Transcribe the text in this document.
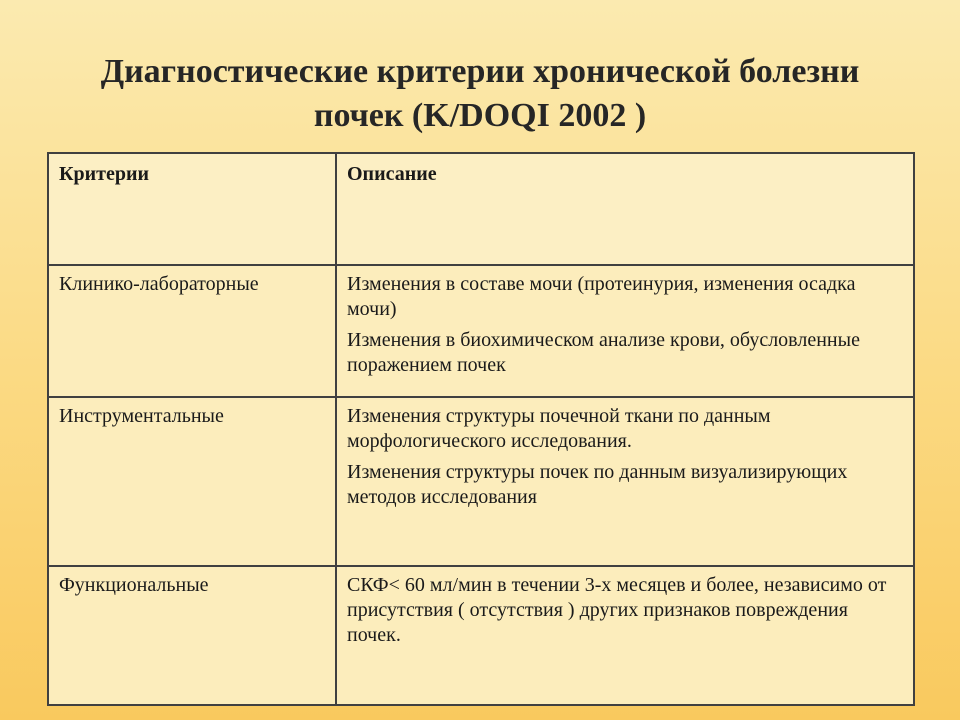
Диагностические критерии хронической болезни
почек (K/DOQI 2002 )
Критерии	Описание
Клинико-лабораторные	Изменения в составе мочи (протеинурия, изменения осадка мочи)
Изменения в биохимическом анализе крови, обусловленные поражением почек

Инструментальные	Изменения структуры почечной ткани по данным морфологического исследования.
Изменения структуры почек по данным визуализирующих методов исследования

Функциональные	СКФ< 60 мл/мин в течении 3-х месяцев и более, независимо от присутствия ( отсутствия ) других признаков повреждения почек.
